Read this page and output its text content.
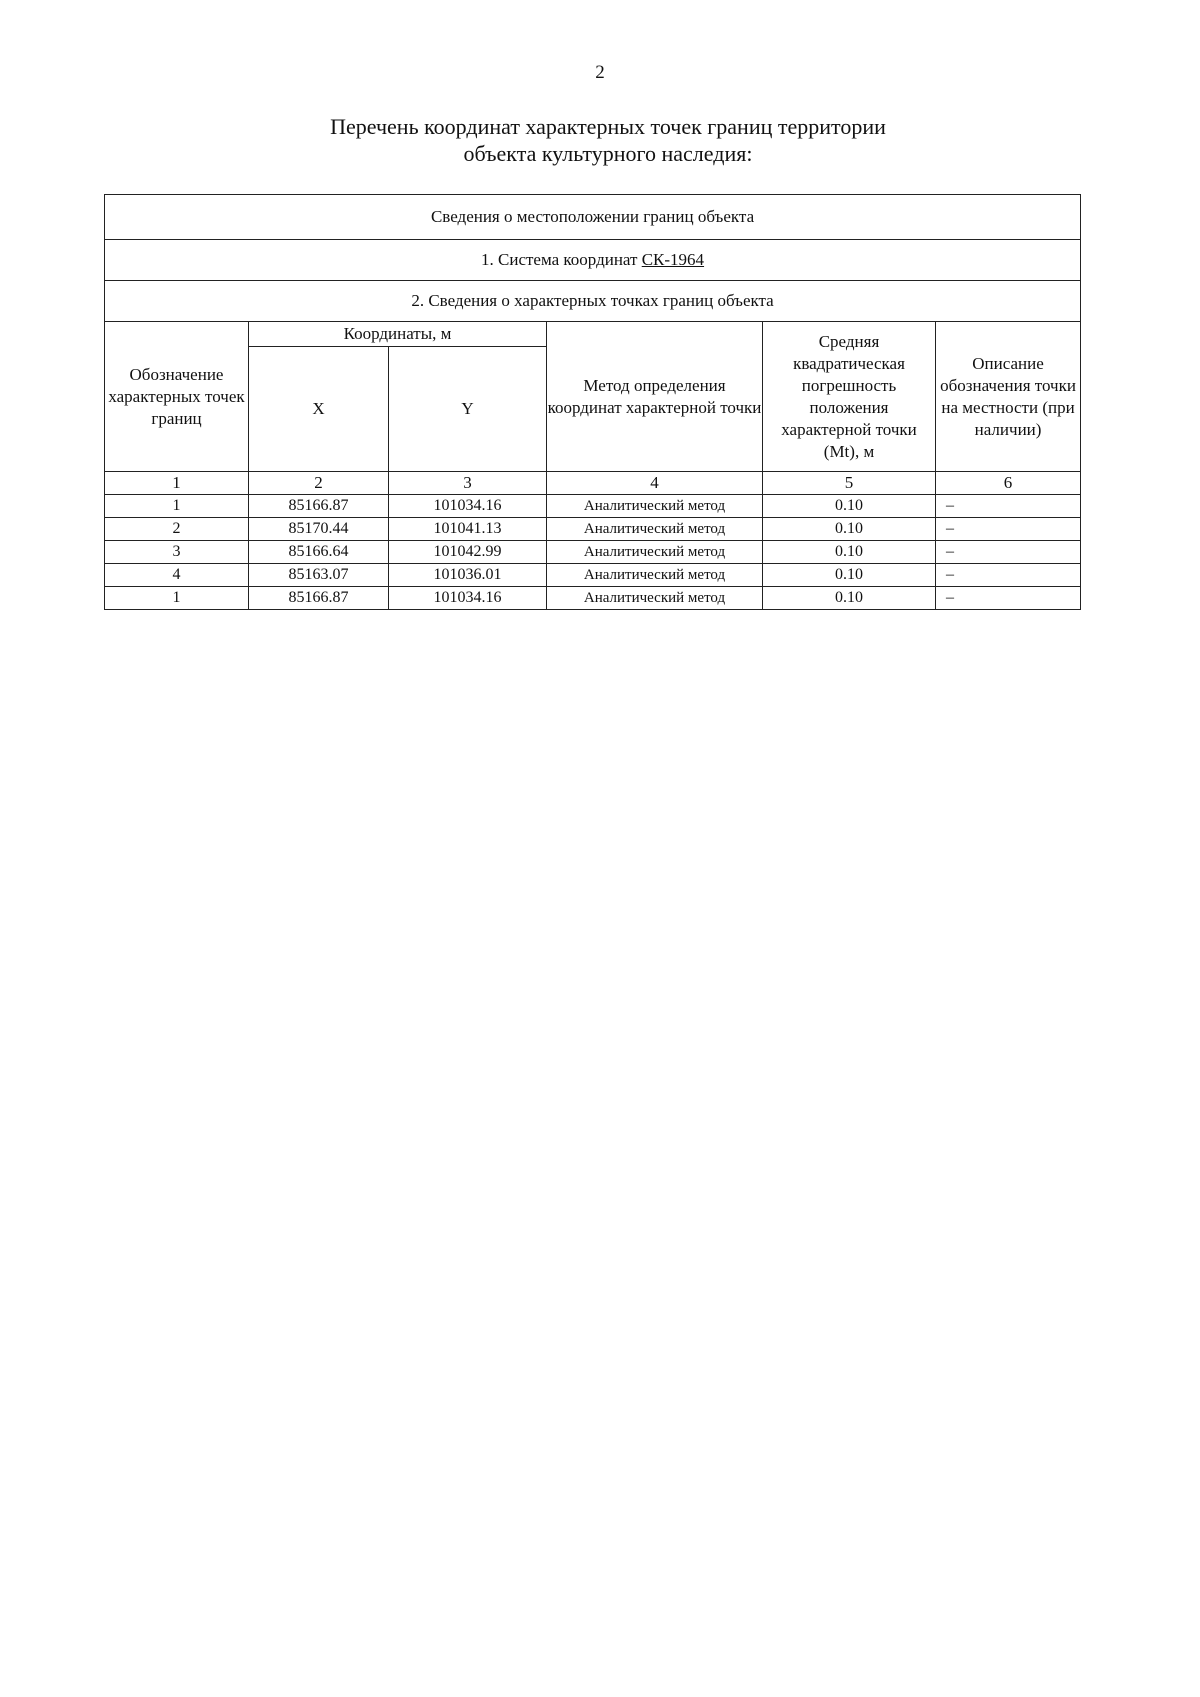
2
Перечень координат характерных точек границ территории
объекта культурного наследия:
Сведения о местоположении границ объекта					
1. Система координат СК-1964					
2. Сведения о характерных точках границ объекта					
Обозначение характерных точек границ	Координаты, м		Метод определения координат характерной точки	Средняя квадратическая погрешность положения характерной точки (Mt), м	Описание обозначения точки на местности (при наличии)
	X	Y			
1	2	3	4	5	6
1	85166.87	101034.16	Аналитический метод	0.10	–
2	85170.44	101041.13	Аналитический метод	0.10	–
3	85166.64	101042.99	Аналитический метод	0.10	–
4	85163.07	101036.01	Аналитический метод	0.10	–
1	85166.87	101034.16	Аналитический метод	0.10	–
